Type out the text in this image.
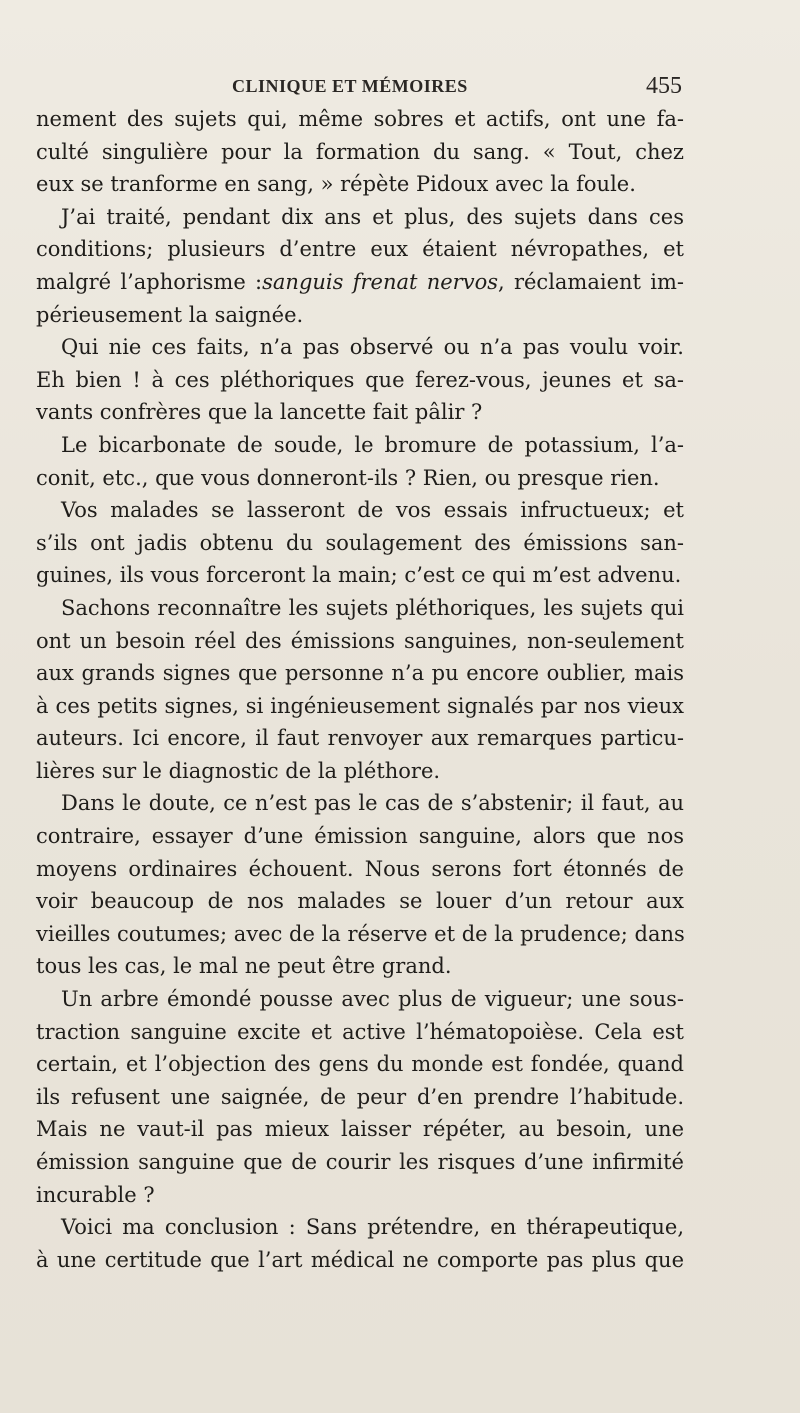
CLINIQUE ET MÉMOIRES	455
nement des sujets qui, même sobres et actifs, ont une fa-
culté singulière pour la formation du sang. « Tout, chez
eux se tranforme en sang, » répète Pidoux avec la foule.
J’ai traité, pendant dix ans et plus, des sujets dans ces
conditions; plusieurs d’entre eux étaient névropathes, et
malgré l’aphorisme :sanguis frenat nervos, réclamaient im-
périeusement la saignée.
Qui nie ces faits, n’a pas observé ou n’a pas voulu voir.
Eh bien ! à ces pléthoriques que ferez-vous, jeunes et sa-
vants confrères que la lancette fait pâlir ?
Le bicarbonate de soude, le bromure de potassium, l’a-
conit, etc., que vous donneront-ils ? Rien, ou presque rien.
Vos malades se lasseront de vos essais infructueux; et
s’ils ont jadis obtenu du soulagement des émissions san-
guines, ils vous forceront la main; c’est ce qui m’est advenu.
Sachons reconnaître les sujets pléthoriques, les sujets qui
ont un besoin réel des émissions sanguines, non-seulement
aux grands signes que personne n’a pu encore oublier, mais
à ces petits signes, si ingénieusement signalés par nos vieux
auteurs. Ici encore, il faut renvoyer aux remarques particu-
lières sur le diagnostic de la pléthore.
Dans le doute, ce n’est pas le cas de s’abstenir; il faut, au
contraire, essayer d’une émission sanguine, alors que nos
moyens ordinaires échouent. Nous serons fort étonnés de
voir beaucoup de nos malades se louer d’un retour aux
vieilles coutumes; avec de la réserve et de la prudence; dans
tous les cas, le mal ne peut être grand.
Un arbre émondé pousse avec plus de vigueur; une sous-
traction sanguine excite et active l’hématopoièse. Cela est
certain, et l’objection des gens du monde est fondée, quand
ils refusent une saignée, de peur d’en prendre l’habitude.
Mais ne vaut-il pas mieux laisser répéter, au besoin, une
émission sanguine que de courir les risques d’une infirmité
incurable ?
Voici ma conclusion : Sans prétendre, en thérapeutique,
à une certitude que l’art médical ne comporte pas plus que
